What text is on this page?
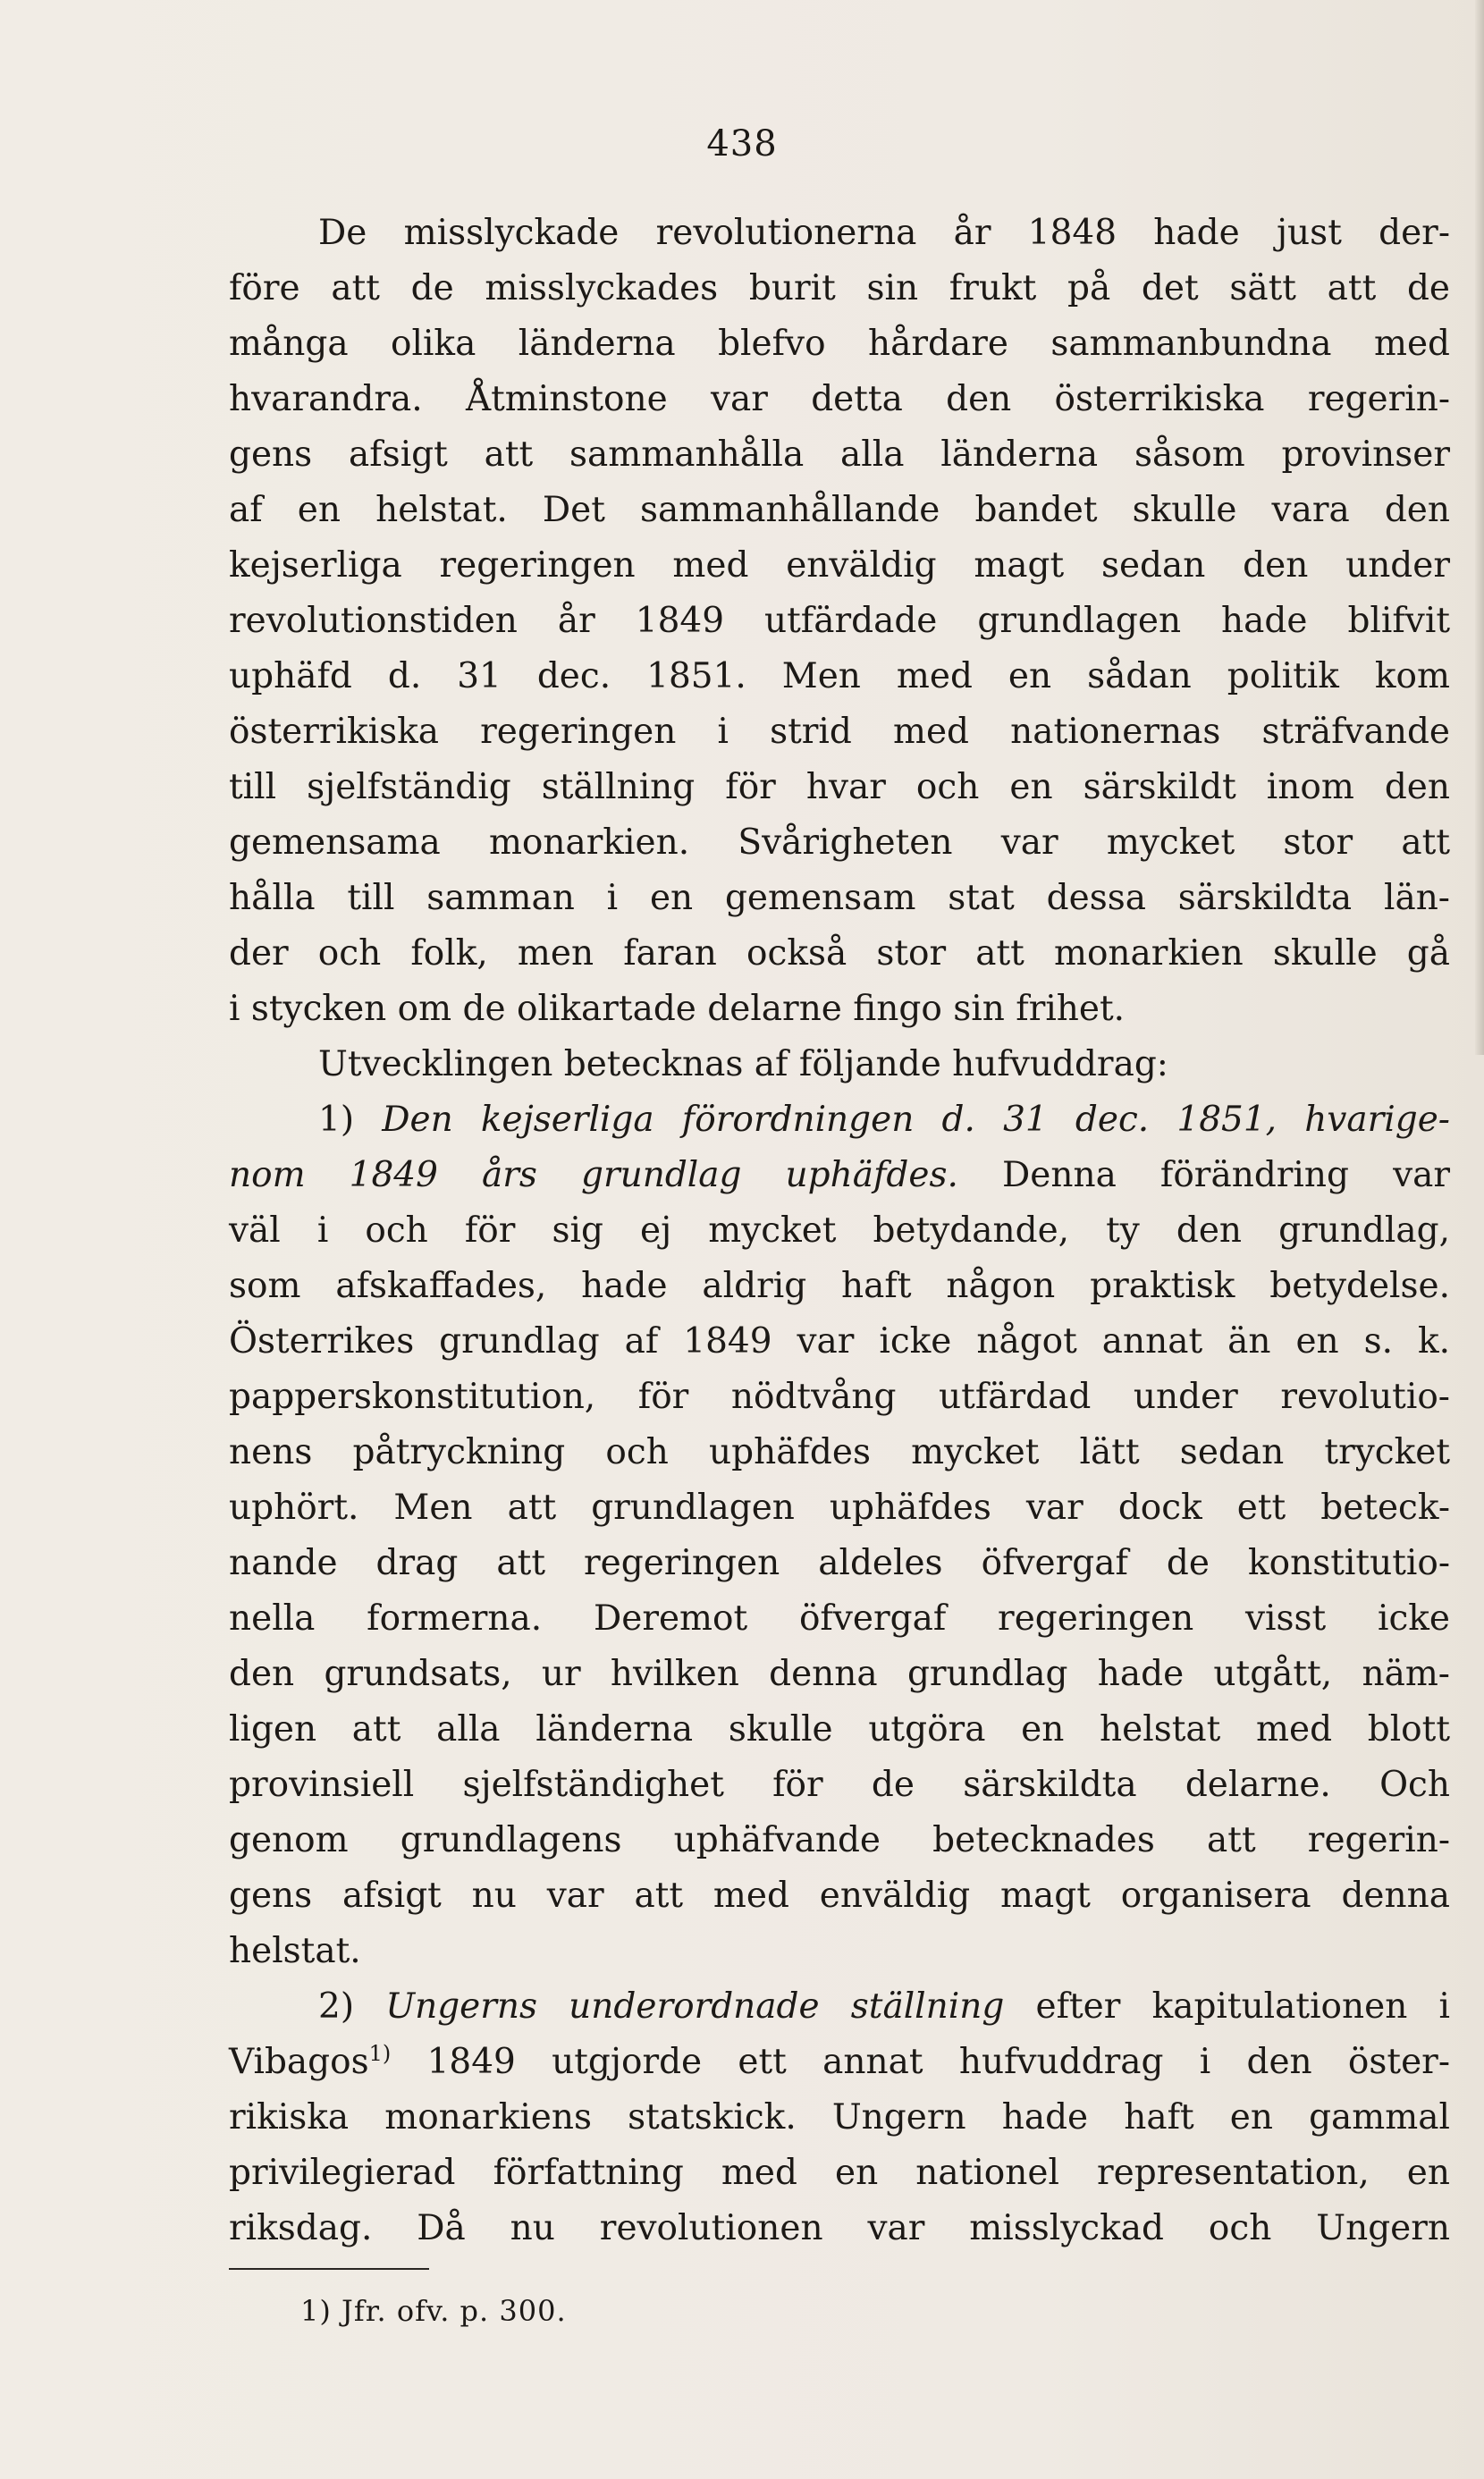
438
De misslyckade revolutionerna år 1848 hade just der-
före att de misslyckades burit sin frukt på det sätt att de
många olika länderna blefvo hårdare sammanbundna med
hvarandra. Åtminstone var detta den österrikiska regerin-
gens afsigt att sammanhålla alla länderna såsom provinser
af en helstat. Det sammanhållande bandet skulle vara den
kejserliga regeringen med enväldig magt sedan den under
revolutionstiden år 1849 utfärdade grundlagen hade blifvit
uphäfd d. 31 dec. 1851. Men med en sådan politik kom
österrikiska regeringen i strid med nationernas sträfvande
till sjelfständig ställning för hvar och en särskildt inom den
gemensama monarkien. Svårigheten var mycket stor att
hålla till samman i en gemensam stat dessa särskildta län-
der och folk, men faran också stor att monarkien skulle gå
i stycken om de olikartade delarne fingo sin frihet.
Utvecklingen betecknas af följande hufvuddrag:
1) Den kejserliga förordningen d. 31 dec. 1851, hvarige-
nom 1849 års grundlag uphäfdes. Denna förändring var
väl i och för sig ej mycket betydande, ty den grundlag,
som afskaffades, hade aldrig haft någon praktisk betydelse.
Österrikes grundlag af 1849 var icke något annat än en s. k.
papperskonstitution, för nödtvång utfärdad under revolutio-
nens påtryckning och uphäfdes mycket lätt sedan trycket
uphört. Men att grundlagen uphäfdes var dock ett beteck-
nande drag att regeringen aldeles öfvergaf de konstitutio-
nella formerna. Deremot öfvergaf regeringen visst icke
den grundsats, ur hvilken denna grundlag hade utgått, näm-
ligen att alla länderna skulle utgöra en helstat med blott
provinsiell sjelfständighet för de särskildta delarne. Och
genom grundlagens uphäfvande betecknades att regerin-
gens afsigt nu var att med enväldig magt organisera denna
helstat.
2) Ungerns underordnade ställning efter kapitulationen i
Vibagos$^{1)}$ 1849 utgjorde ett annat hufvuddrag i den öster-
rikiska monarkiens statskick. Ungern hade haft en gammal
privilegierad författning med en nationel representation, en
riksdag. Då nu revolutionen var misslyckad och Ungern
1) Jfr. ofv. p. 300.
